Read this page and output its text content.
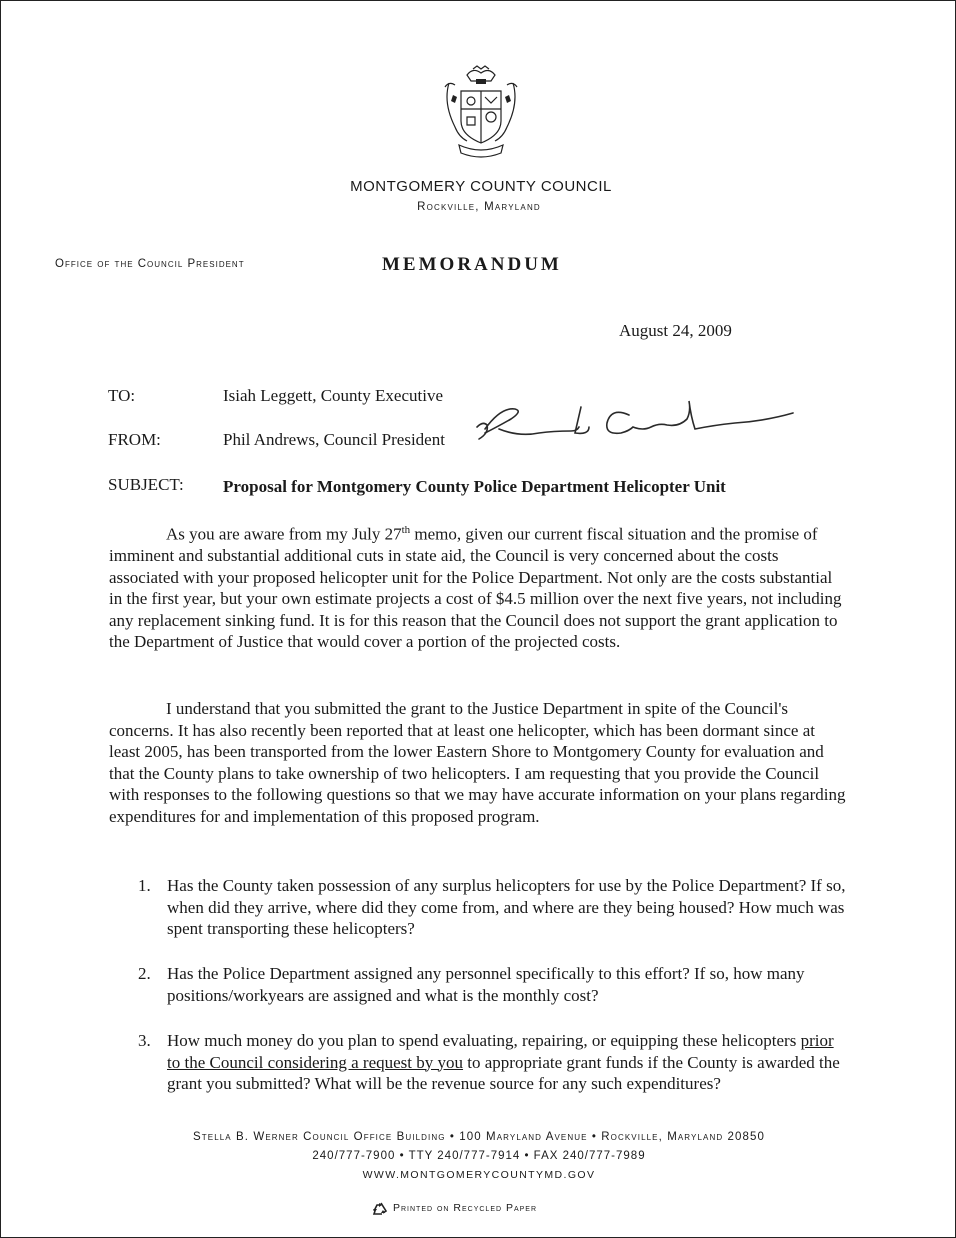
MONTGOMERY COUNTY COUNCIL
Rockville, Maryland
Office of the Council President	MEMORANDUM
August 24, 2009
TO:	Isiah Leggett, County Executive
FROM:	Phil Andrews, Council President
SUBJECT: Proposal for Montgomery County Police Department Helicopter Unit

As you are aware from my July 27th memo, given our current fiscal situation and the promise of imminent and substantial additional cuts in state aid, the Council is very concerned about the costs associated with your proposed helicopter unit for the Police Department. Not only are the costs substantial in the first year, but your own estimate projects a cost of $4.5 million over the next five years, not including any replacement sinking fund. It is for this reason that the Council does not support the grant application to the Department of Justice that would cover a portion of the projected costs.

I understand that you submitted the grant to the Justice Department in spite of the Council's concerns. It has also recently been reported that at least one helicopter, which has been dormant since at least 2005, has been transported from the lower Eastern Shore to Montgomery County for evaluation and that the County plans to take ownership of two helicopters. I am requesting that you provide the Council with responses to the following questions so that we may have accurate information on your plans regarding expenditures for and implementation of this proposed program.

1. Has the County taken possession of any surplus helicopters for use by the Police Department? If so, when did they arrive, where did they come from, and where are they being housed? How much was spent transporting these helicopters?
2. Has the Police Department assigned any personnel specifically to this effort? If so, how many positions/workyears are assigned and what is the monthly cost?
3. How much money do you plan to spend evaluating, repairing, or equipping these helicopters prior to the Council considering a request by you to appropriate grant funds if the County is awarded the grant you submitted? What will be the revenue source for any such expenditures?
Stella B. Werner Council Office Building • 100 Maryland Avenue • Rockville, Maryland 20850
240/777-7900 • TTY 240/777-7914 • FAX 240/777-7989
WWW.MONTGOMERYCOUNTYMD.GOV
Printed on Recycled Paper
